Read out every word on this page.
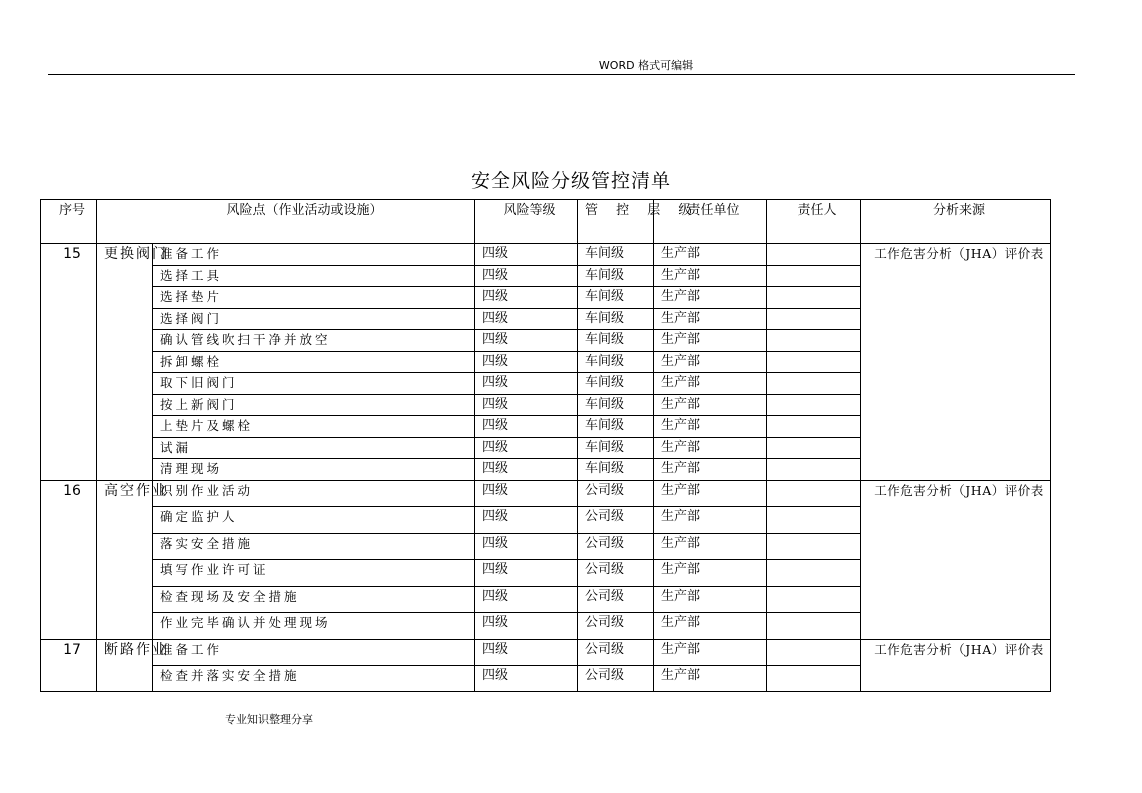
WORD 格式可编辑
安全风险分级管控清单
序号	风险点（作业活动或设施）		风险等级	管 控 层 级	责任单位	责任人	分析来源
15	更换阀门	准备工作	四级	车间级	生产部		工作危害分析（JHA）评价表
		选择工具	四级	车间级	生产部		
		选择垫片	四级	车间级	生产部		
		选择阀门	四级	车间级	生产部		
		确认管线吹扫干净并放空	四级	车间级	生产部		
		拆卸螺栓	四级	车间级	生产部		
		取下旧阀门	四级	车间级	生产部		
		按上新阀门	四级	车间级	生产部		
		上垫片及螺栓	四级	车间级	生产部		
		试漏	四级	车间级	生产部		
		清理现场	四级	车间级	生产部		
16	高空作业	识别作业活动	四级	公司级	生产部		工作危害分析（JHA）评价表
		确定监护人	四级	公司级	生产部		
		落实安全措施	四级	公司级	生产部		
		填写作业许可证	四级	公司级	生产部		
		检查现场及安全措施	四级	公司级	生产部		
		作业完毕确认并处理现场	四级	公司级	生产部		
17	断路作业	准备工作	四级	公司级	生产部		工作危害分析（JHA）评价表
		检查并落实安全措施	四级	公司级	生产部		
专业知识整理分享
